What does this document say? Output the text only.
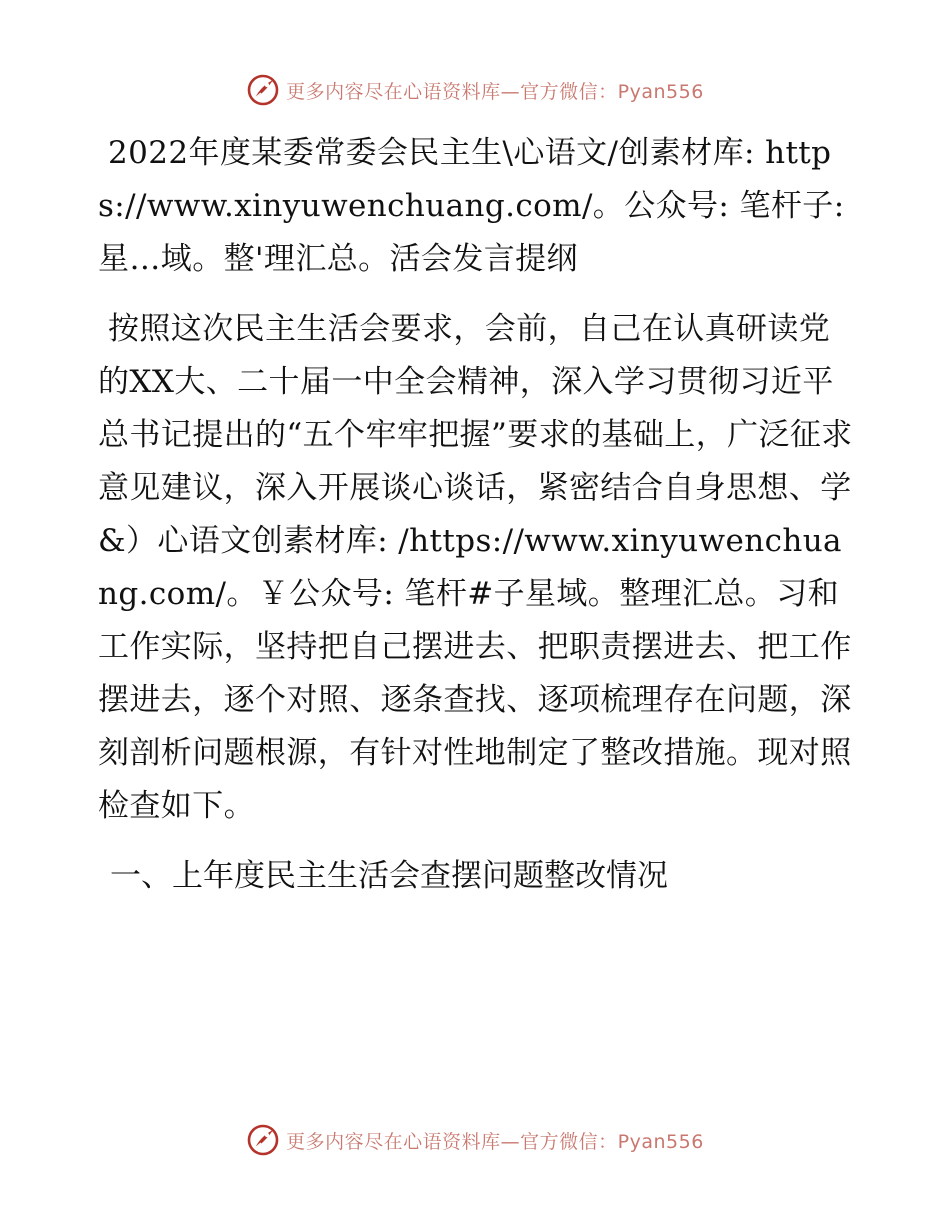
更多内容尽在心语资料库—官方微信：Pyan556

2022年度某委常委会民主生\心语文/创素材库: https://www.xinyuwenchuang.com/。公众号: 笔杆子:星…域。整'理汇总。活会发言提纲

按照这次民主生活会要求，会前，自己在认真研读党的XX大、二十届一中全会精神，深入学习贯彻习近平总书记提出的“五个牢牢把握”要求的基础上，广泛征求意见建议，深入开展谈心谈话，紧密结合自身思想、学&）心语文创素材库: /https://www.xinyuwenchuang.com/。￥公众号: 笔杆#子星域。整理汇总。习和工作实际，坚持把自己摆进去、把职责摆进去、把工作摆进去，逐个对照、逐条查找、逐项梳理存在问题，深刻剖析问题根源，有针对性地制定了整改措施。现对照检查如下。

一、上年度民主生活会查摆问题整改情况

更多内容尽在心语资料库—官方微信：Pyan556
